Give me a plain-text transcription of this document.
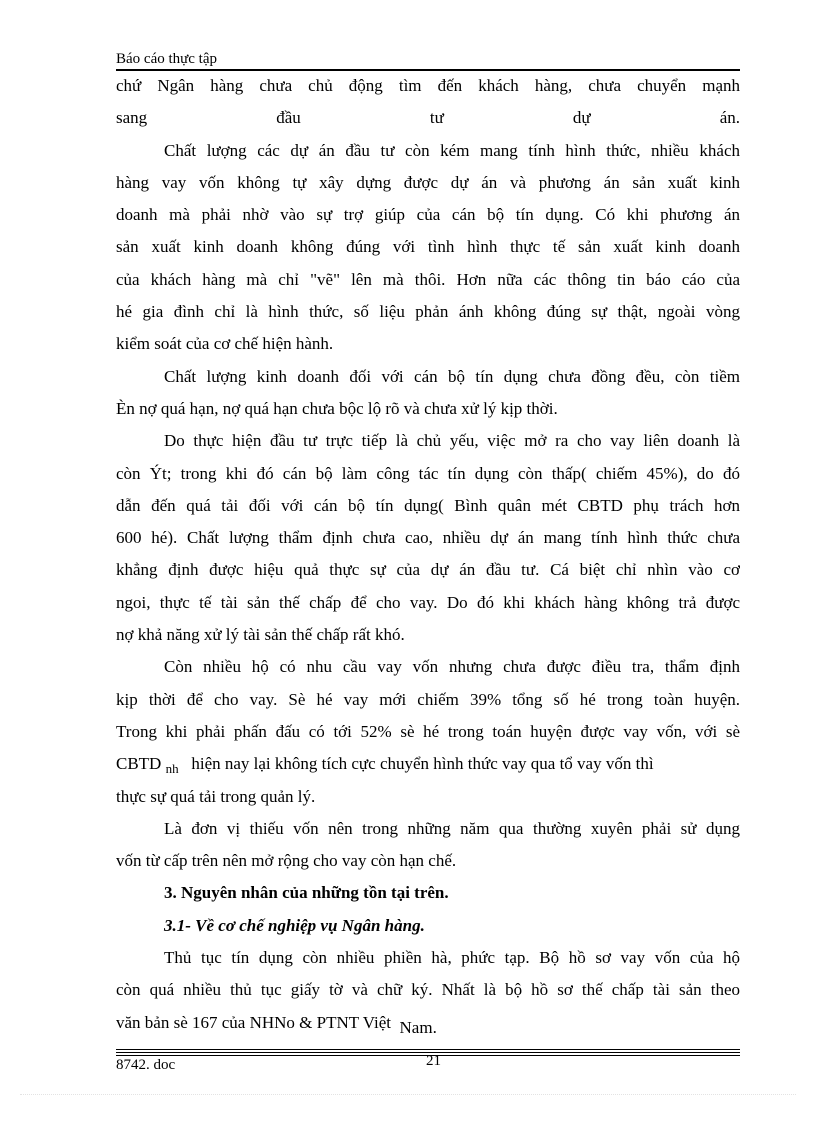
Báo cáo thực tập
chứ Ngân hàng chưa chủ động tìm đến khách hàng, chưa chuyển mạnh
sang đầu tư dự án.
Chất lượng các dự án đầu tư còn kém mang tính hình thức, nhiều khách
hàng vay vốn không tự xây dựng được dự án và phương án sản xuất kinh
doanh mà phải nhờ vào sự trợ giúp của cán bộ tín dụng. Có khi phương án
sản xuất kinh doanh không đúng với tình hình thực tế sản xuất kinh doanh
của khách hàng mà chỉ "vẽ" lên mà thôi. Hơn nữa các thông tin báo cáo của
hé gia đình chỉ là hình thức, số liệu phản ánh không đúng sự thật, ngoài vòng
kiểm soát của cơ chế hiện hành.
Chất lượng kinh doanh đối với cán bộ tín dụng chưa đồng đều, còn tiềm
Èn nợ quá hạn, nợ quá hạn chưa bộc lộ rõ và chưa xử lý kịp thời.
Do thực hiện đầu tư trực tiếp là chủ yếu, việc mở ra cho vay liên doanh là
còn Ýt; trong khi đó cán bộ làm công tác tín dụng còn thấp( chiếm 45%), do đó
dẫn đến quá tải đối với cán bộ tín dụng( Bình quân mét CBTD phụ trách hơn
600 hé). Chất lượng thẩm định chưa cao, nhiều dự án mang tính hình thức chưa
khẳng định được hiệu quả thực sự của dự án đầu tư. Cá biệt chỉ nhìn vào cơ
ngoi, thực tế tài sản thế chấp để cho vay. Do đó khi khách hàng không trả được
nợ khả năng xử lý tài sản thế chấp rất khó.
Còn nhiều hộ có nhu cầu vay vốn nhưng chưa được điều tra, thẩm định
kịp thời để cho vay. Sè hé vay mới chiếm 39% tổng số hé trong toàn huyện.
Trong khi phải phấn đấu có tới 52% sè hé trong toán huyện được vay vốn, với sè
CBTD $_{nh}$ hiện nay lại không tích cực chuyển hình thức vay qua tổ vay vốn thì
thực sự quá tải trong quản lý.
Là đơn vị thiếu vốn nên trong những năm qua thường xuyên phải sử dụng
vốn từ cấp trên nên mở rộng cho vay còn hạn chế.
3. Nguyên nhân của những tồn tại trên.
3.1- Về cơ chế nghiệp vụ Ngân hàng.
Thủ tục tín dụng còn nhiều phiền hà, phức tạp. Bộ hồ sơ vay vốn của hộ
còn quá nhiều thủ tục giấy tờ và chữ ký. Nhất là bộ hồ sơ thế chấp tài sản theo
văn bản sè 167 của NHNo & PTNT Việt Nam.
8742. doc	21
